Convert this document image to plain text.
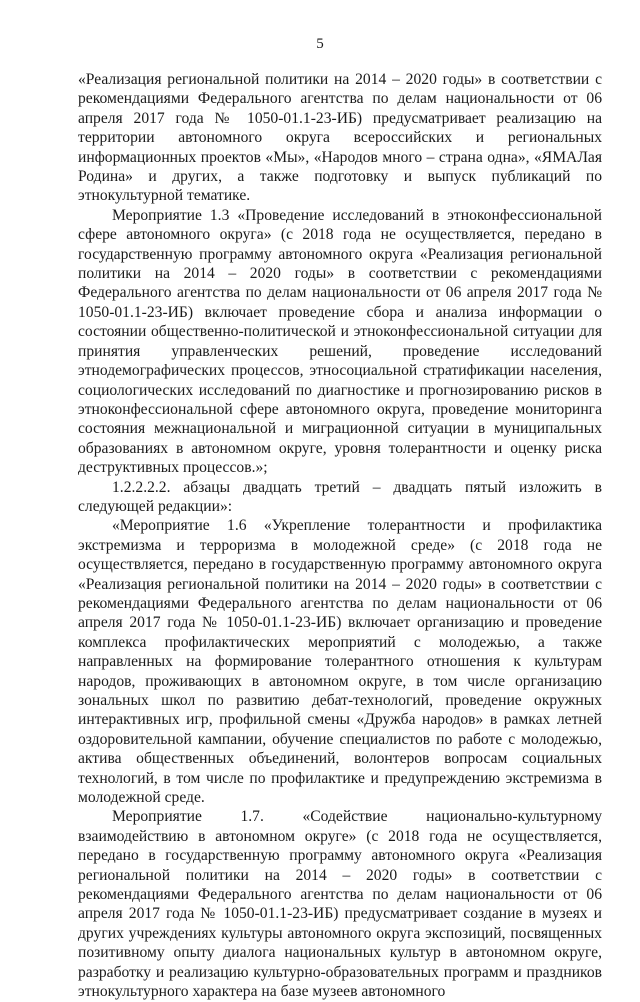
5

«Реализация региональной политики на 2014 – 2020 годы» в соответствии с рекомендациями Федерального агентства по делам национальности от 06 апреля 2017 года № 1050-01.1-23-ИБ) предусматривает реализацию на территории автономного округа всероссийских и региональных информационных проектов «Мы», «Народов много – страна одна», «ЯМАЛая Родина» и других, а также подготовку и выпуск публикаций по этнокультурной тематике.

Мероприятие 1.3 «Проведение исследований в этноконфессиональной сфере автономного округа» (с 2018 года не осуществляется, передано в государственную программу автономного округа «Реализация региональной политики на 2014 – 2020 годы» в соответствии с рекомендациями Федерального агентства по делам национальности от 06 апреля 2017 года № 1050-01.1-23-ИБ) включает проведение сбора и анализа информации о состоянии общественно-политической и этноконфессиональной ситуации для принятия управленческих решений, проведение исследований этнодемографических процессов, этносоциальной стратификации населения, социологических исследований по диагностике и прогнозированию рисков в этноконфессиональной сфере автономного округа, проведение мониторинга состояния межнациональной и миграционной ситуации в муниципальных образованиях в автономном округе, уровня толерантности и оценку риска деструктивных процессов.»;

1.2.2.2.2. абзацы двадцать третий – двадцать пятый изложить в следующей редакции»:

«Мероприятие 1.6 «Укрепление толерантности и профилактика экстремизма и терроризма в молодежной среде» (с 2018 года не осуществляется, передано в государственную программу автономного округа «Реализация региональной политики на 2014 – 2020 годы» в соответствии с рекомендациями Федерального агентства по делам национальности от 06 апреля 2017 года № 1050-01.1-23-ИБ) включает организацию и проведение комплекса профилактических мероприятий с молодежью, а также направленных на формирование толерантного отношения к культурам народов, проживающих в автономном округе, в том числе организацию зональных школ по развитию дебат-технологий, проведение окружных интерактивных игр, профильной смены «Дружба народов» в рамках летней оздоровительной кампании, обучение специалистов по работе с молодежью, актива общественных объединений, волонтеров вопросам социальных технологий, в том числе по профилактике и предупреждению экстремизма в молодежной среде.

Мероприятие 1.7. «Содействие национально-культурному взаимодействию в автономном округе» (с 2018 года не осуществляется, передано в государственную программу автономного округа «Реализация региональной политики на 2014 – 2020 годы» в соответствии с рекомендациями Федерального агентства по делам национальности от 06 апреля 2017 года № 1050-01.1-23-ИБ) предусматривает создание в музеях и других учреждениях культуры автономного округа экспозиций, посвященных позитивному опыту диалога национальных культур в автономном округе, разработку и реализацию культурно-образовательных программ и праздников этнокультурного характера на базе музеев автономного
